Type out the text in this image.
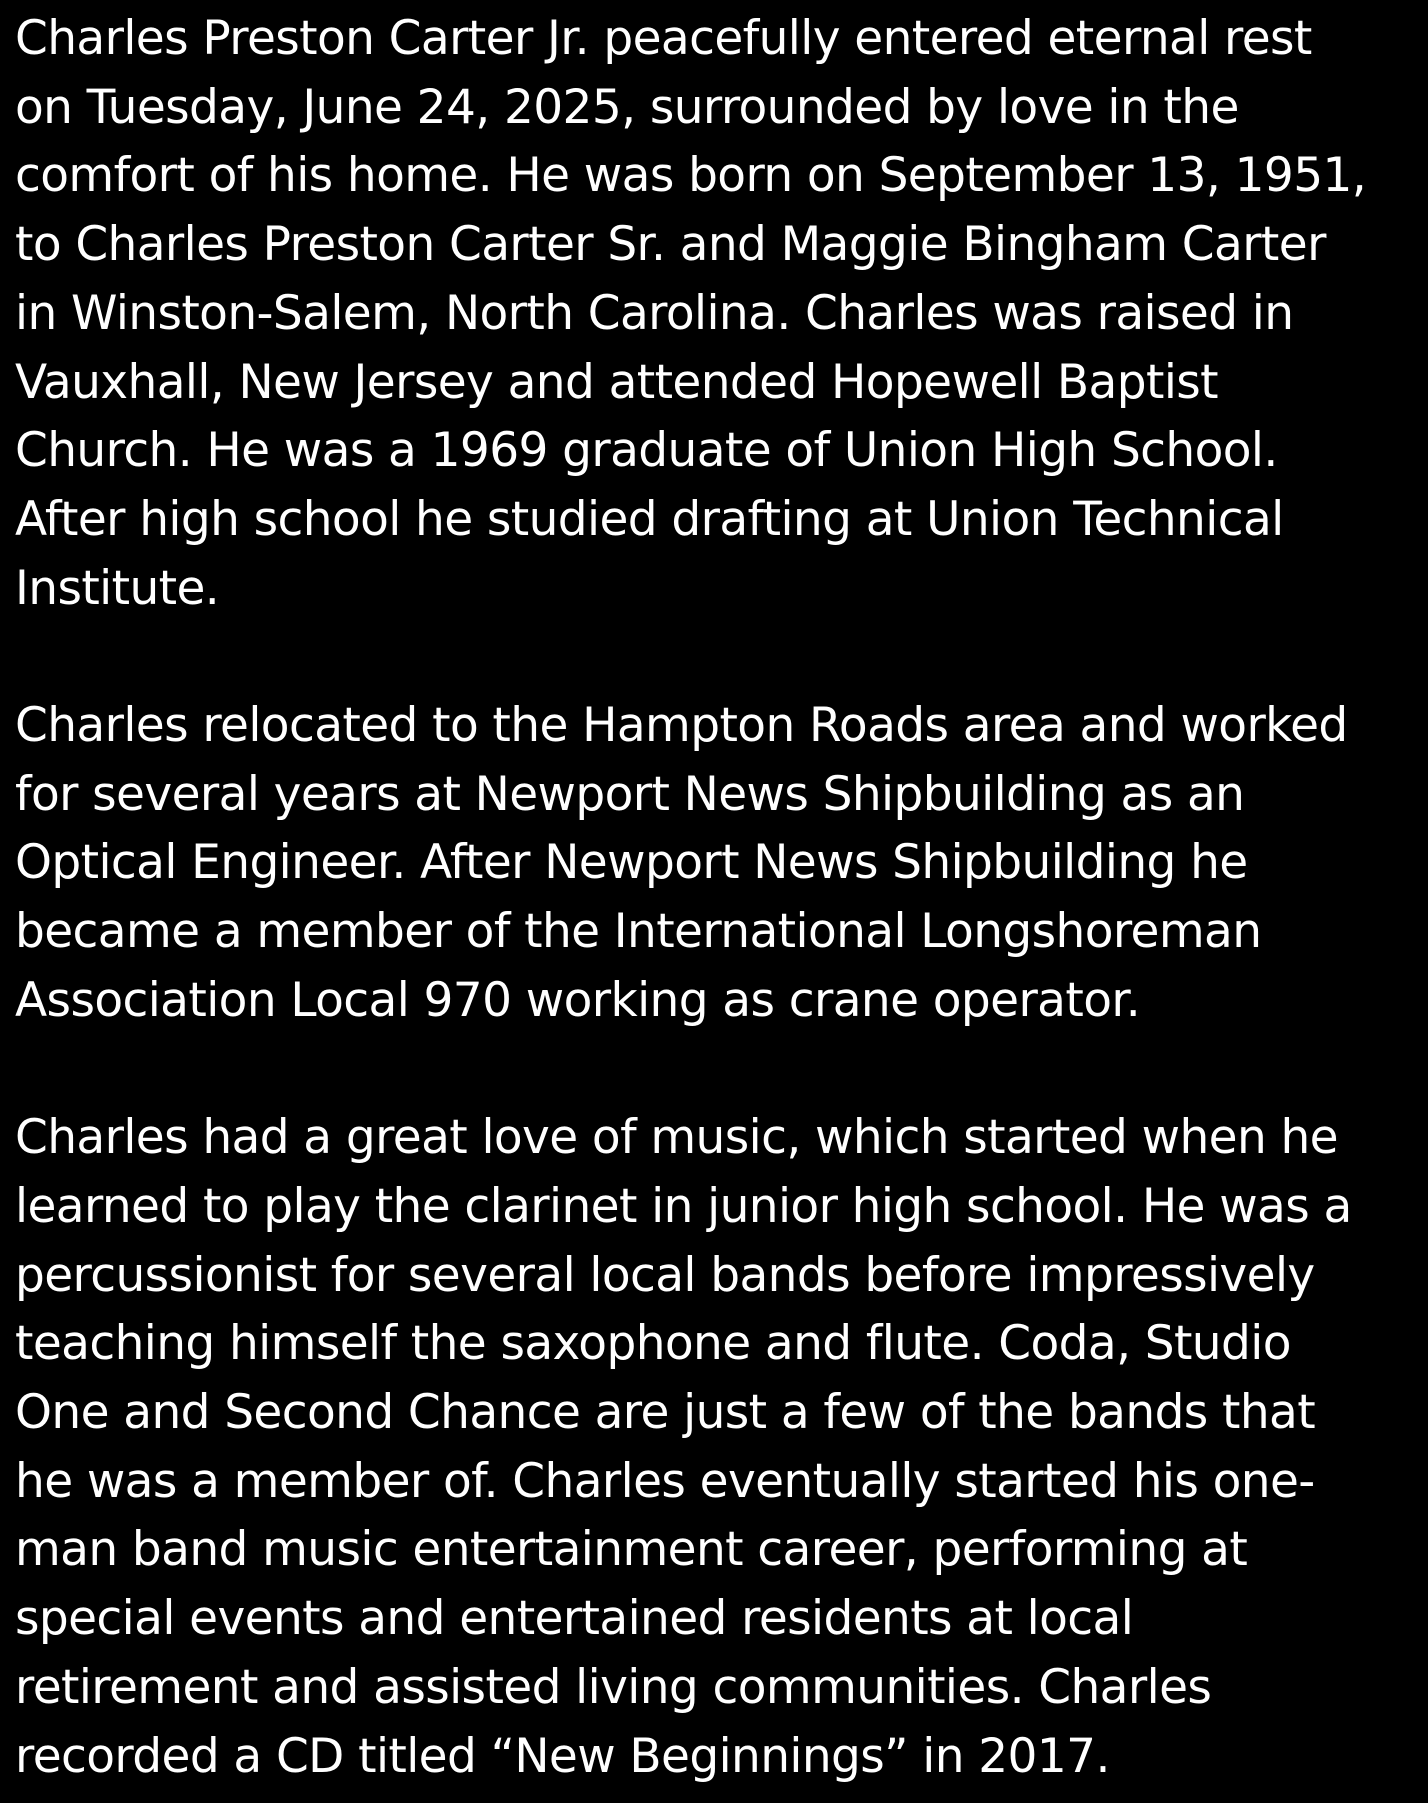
Charles Preston Carter Jr. peacefully entered eternal rest
on Tuesday, June 24, 2025, surrounded by love in the
comfort of his home. He was born on September 13, 1951,
to Charles Preston Carter Sr. and Maggie Bingham Carter
in Winston-Salem, North Carolina. Charles was raised in
Vauxhall, New Jersey and attended Hopewell Baptist
Church. He was a 1969 graduate of Union High School.
After high school he studied drafting at Union Technical
Institute.

Charles relocated to the Hampton Roads area and worked
for several years at Newport News Shipbuilding as an
Optical Engineer. After Newport News Shipbuilding he
became a member of the International Longshoreman
Association Local 970 working as crane operator.

Charles had a great love of music, which started when he
learned to play the clarinet in junior high school. He was a
percussionist for several local bands before impressively
teaching himself the saxophone and flute. Coda, Studio
One and Second Chance are just a few of the bands that
he was a member of. Charles eventually started his one-
man band music entertainment career, performing at
special events and entertained residents at local
retirement and assisted living communities. Charles
recorded a CD titled “New Beginnings” in 2017.
